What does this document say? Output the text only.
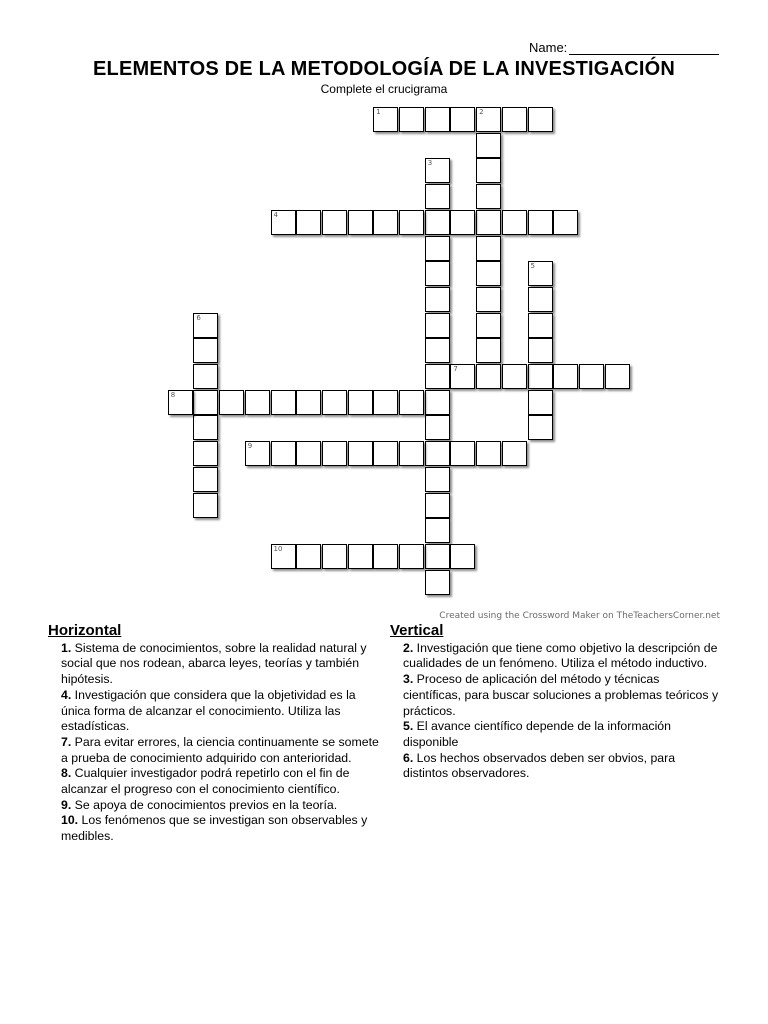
Name:
ELEMENTOS DE LA METODOLOGÍA DE LA INVESTIGACIÓN
Complete el crucigrama
1	2
3
4
5
6
7
8
9
10
Created using the Crossword Maker on TheTeachersCorner.net
Horizontal
1. Sistema de conocimientos, sobre la realidad natural y social que nos rodean, abarca leyes, teorías y también hipótesis.
4. Investigación que considera que la objetividad es la única forma de alcanzar el conocimiento. Utiliza las estadísticas.
7. Para evitar errores, la ciencia continuamente se somete a prueba de conocimiento adquirido con anterioridad.
8. Cualquier investigador podrá repetirlo con el fin de alcanzar el progreso con el conocimiento científico.
9. Se apoya de conocimientos previos en la teoría.
10. Los fenómenos que se investigan son observables y medibles.
Vertical
2. Investigación que tiene como objetivo la descripción de cualidades de un fenómeno. Utiliza el método inductivo.
3. Proceso de aplicación del método y técnicas científicas, para buscar soluciones a problemas teóricos y prácticos.
5. El avance científico depende de la información disponible
6. Los hechos observados deben ser obvios, para distintos observadores.
